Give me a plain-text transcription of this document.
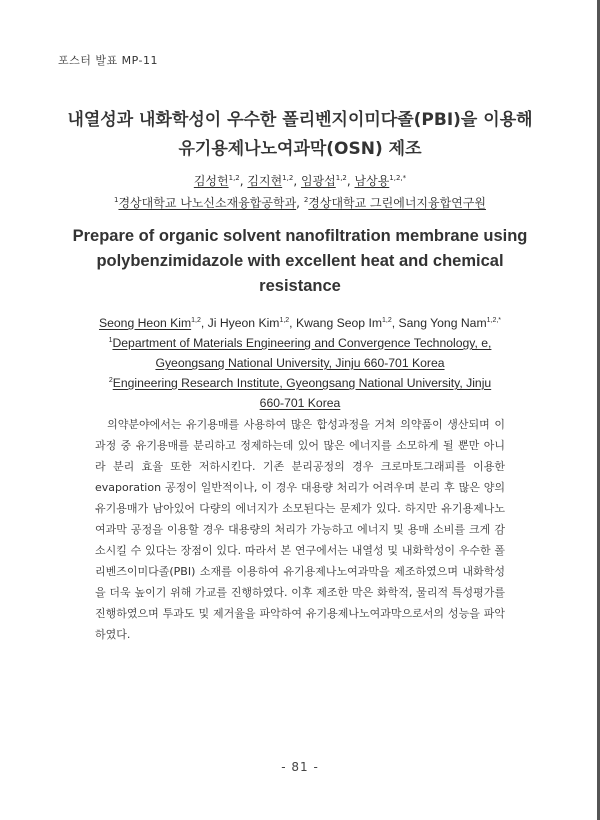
포스터 발표 MP-11
내열성과 내화학성이 우수한 폴리벤지이미다졸(PBI)을 이용해
유기용제나노여과막(OSN) 제조
김성헌$^{1,2}$, 김지현$^{1,2}$, 임광섭$^{1,2}$, 남상용$^{1,2,*}$
$^1$경상대학교 나노신소재융합공학과, $^2$경상대학교 그린에너지융합연구원
Prepare of organic solvent nanofiltration membrane using
polybenzimidazole with excellent heat and chemical
resistance
Seong Heon Kim$^{1,2}$, Ji Hyeon Kim$^{1,2}$, Kwang Seop Im$^{1,2}$, Sang Yong Nam$^{1,2,*}$
$^1$Department of Materials Engineering and Convergence Technology, e,
Gyeongsang National University, Jinju 660-701 Korea
$^2$Engineering Research Institute, Gyeongsang National University, Jinju
660-701 Korea

의약분야에서는 유기용매를 사용하여 많은 합성과정을 거쳐 의약품이 생산되며 이 과정 중 유기용매를 분리하고 정제하는데 있어 많은 에너지를 소모하게 될 뿐만 아니라 분리 효율 또한 저하시킨다. 기존 분리공정의 경우 크로마토그래피를 이용한 evaporation 공정이 일반적이나, 이 경우 대용량 처리가 어려우며 분리 후 많은 양의 유기용매가 남아있어 다량의 에너지가 소모된다는 문제가 있다. 하지만 유기용제나노여과막 공정을 이용할 경우 대용량의 처리가 가능하고 에너지 및 용매 소비를 크게 감소시킬 수 있다는 장점이 있다. 따라서 본 연구에서는 내열성 및 내화학성이 우수한 폴리벤즈이미다졸(PBI) 소재를 이용하여 유기용제나노여과막을 제조하였으며 내화학성을 더욱 높이기 위해 가교를 진행하였다. 이후 제조한 막은 화학적, 물리적 특성평가를 진행하였으며 투과도 및 제거율을 파악하여 유기용제나노여과막으로서의 성능을 파악하였다.

- 81 -
